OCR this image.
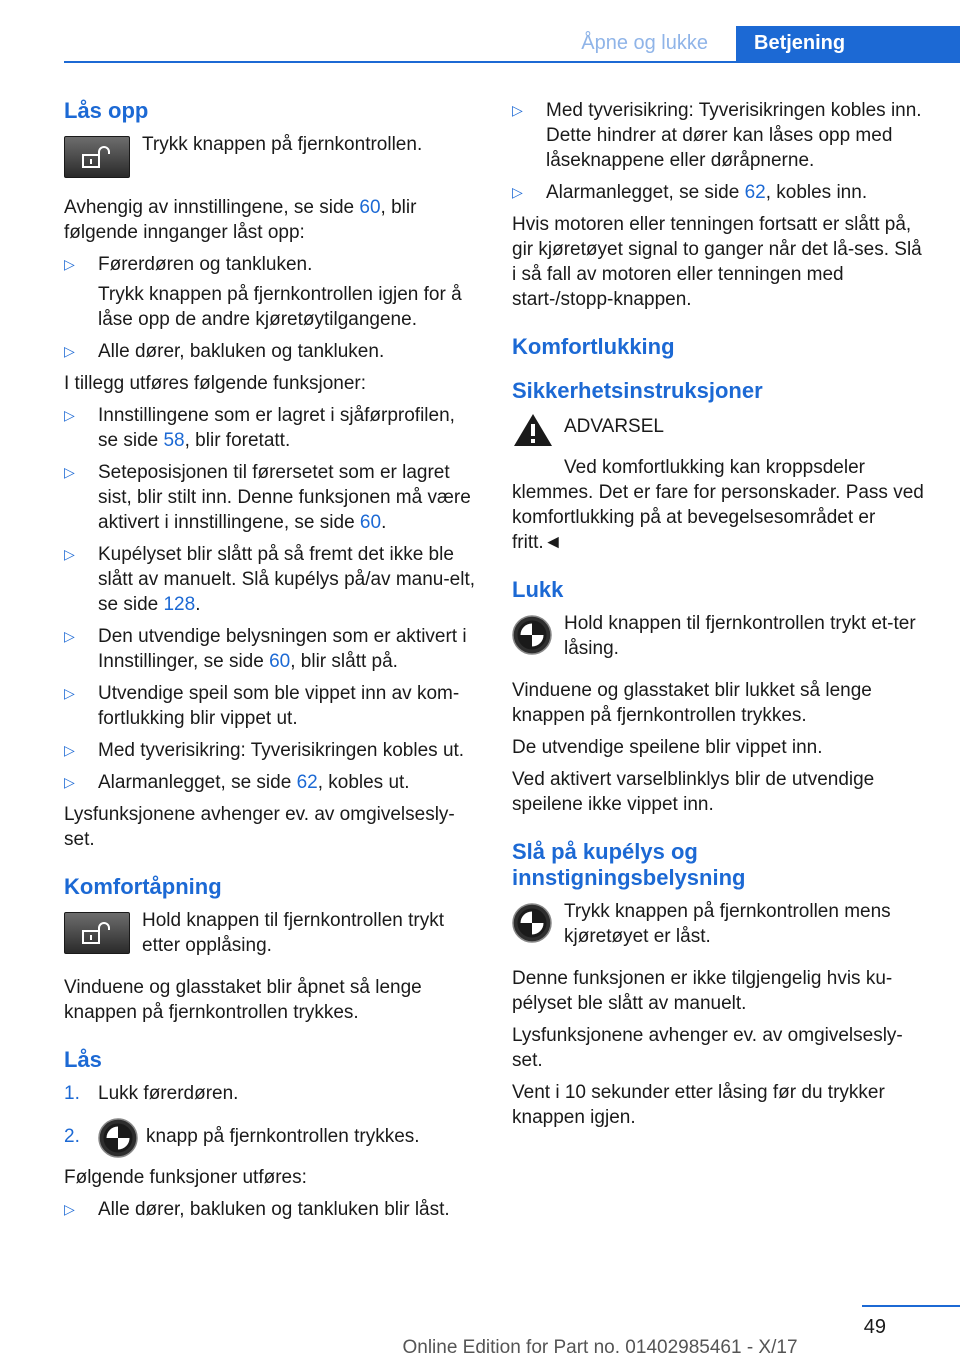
Åpne og lukke	Betjening
Lås opp
Trykk knappen på fjernkontrollen.

Avhengig av innstillingene, se side 60, blir følgende innganger låst opp:

▷	Førerdøren og tankluken.
Trykk knappen på fjernkontrollen igjen for å låse opp de andre kjøretøytilgangene.
▷	Alle dører, bakluken og tankluken.

I tillegg utføres følgende funksjoner:

▷	Innstillingene som er lagret i sjåførprofilen, se side 58, blir foretatt.
▷	Seteposisjonen til førersetet som er lagret sist, blir stilt inn. Denne funksjonen må være aktivert i innstillingene, se side 60.
▷	Kupélyset blir slått på så fremt det ikke ble slått av manuelt. Slå kupélys på/av manu-elt, se side 128.
▷	Den utvendige belysningen som er aktivert i Innstillinger, se side 60, blir slått på.
▷	Utvendige speil som ble vippet inn av kom-fortlukking blir vippet ut.
▷	Med tyverisikring: Tyverisikringen kobles ut.
▷	Alarmanlegget, se side 62, kobles ut.

Lysfunksjonene avhenger ev. av omgivelsesly-set.

Komfortåpning
Hold knappen til fjernkontrollen trykt etter opplåsing.

Vinduene og glasstaket blir åpnet så lenge knappen på fjernkontrollen trykkes.

Lås
1. Lukk førerdøren.
2.	knapp på fjernkontrollen trykkes.

Følgende funksjoner utføres:

▷	Alle dører, bakluken og tankluken blir låst.
▷	Med tyverisikring: Tyverisikringen kobles inn. Dette hindrer at dører kan låses opp med låseknappene eller døråpnerne.
▷	Alarmanlegget, se side 62, kobles inn.

Hvis motoren eller tenningen fortsatt er slått på, gir kjøretøyet signal to ganger når det lå-ses. Slå i så fall av motoren eller tenningen med start-/stopp-knappen.

Komfortlukking
Sikkerhetsinstruksjoner
ADVARSEL

Ved komfortlukking kan kroppsdeler klemmes. Det er fare for personskader. Pass ved komfortlukking på at bevegelsesområdet er fritt.◄

Lukk
Hold knappen til fjernkontrollen trykt et-ter låsing.

Vinduene og glasstaket blir lukket så lenge knappen på fjernkontrollen trykkes.

De utvendige speilene blir vippet inn.

Ved aktivert varselblinklys blir de utvendige speilene ikke vippet inn.

Slå på kupélys og innstigningsbelysning
Trykk knappen på fjernkontrollen mens kjøretøyet er låst.

Denne funksjonen er ikke tilgjengelig hvis ku-pélyset ble slått av manuelt.

Lysfunksjonene avhenger ev. av omgivelsesly-set.

Vent i 10 sekunder etter låsing før du trykker knappen igjen.

49
Online Edition for Part no. 01402985461 - X/17
